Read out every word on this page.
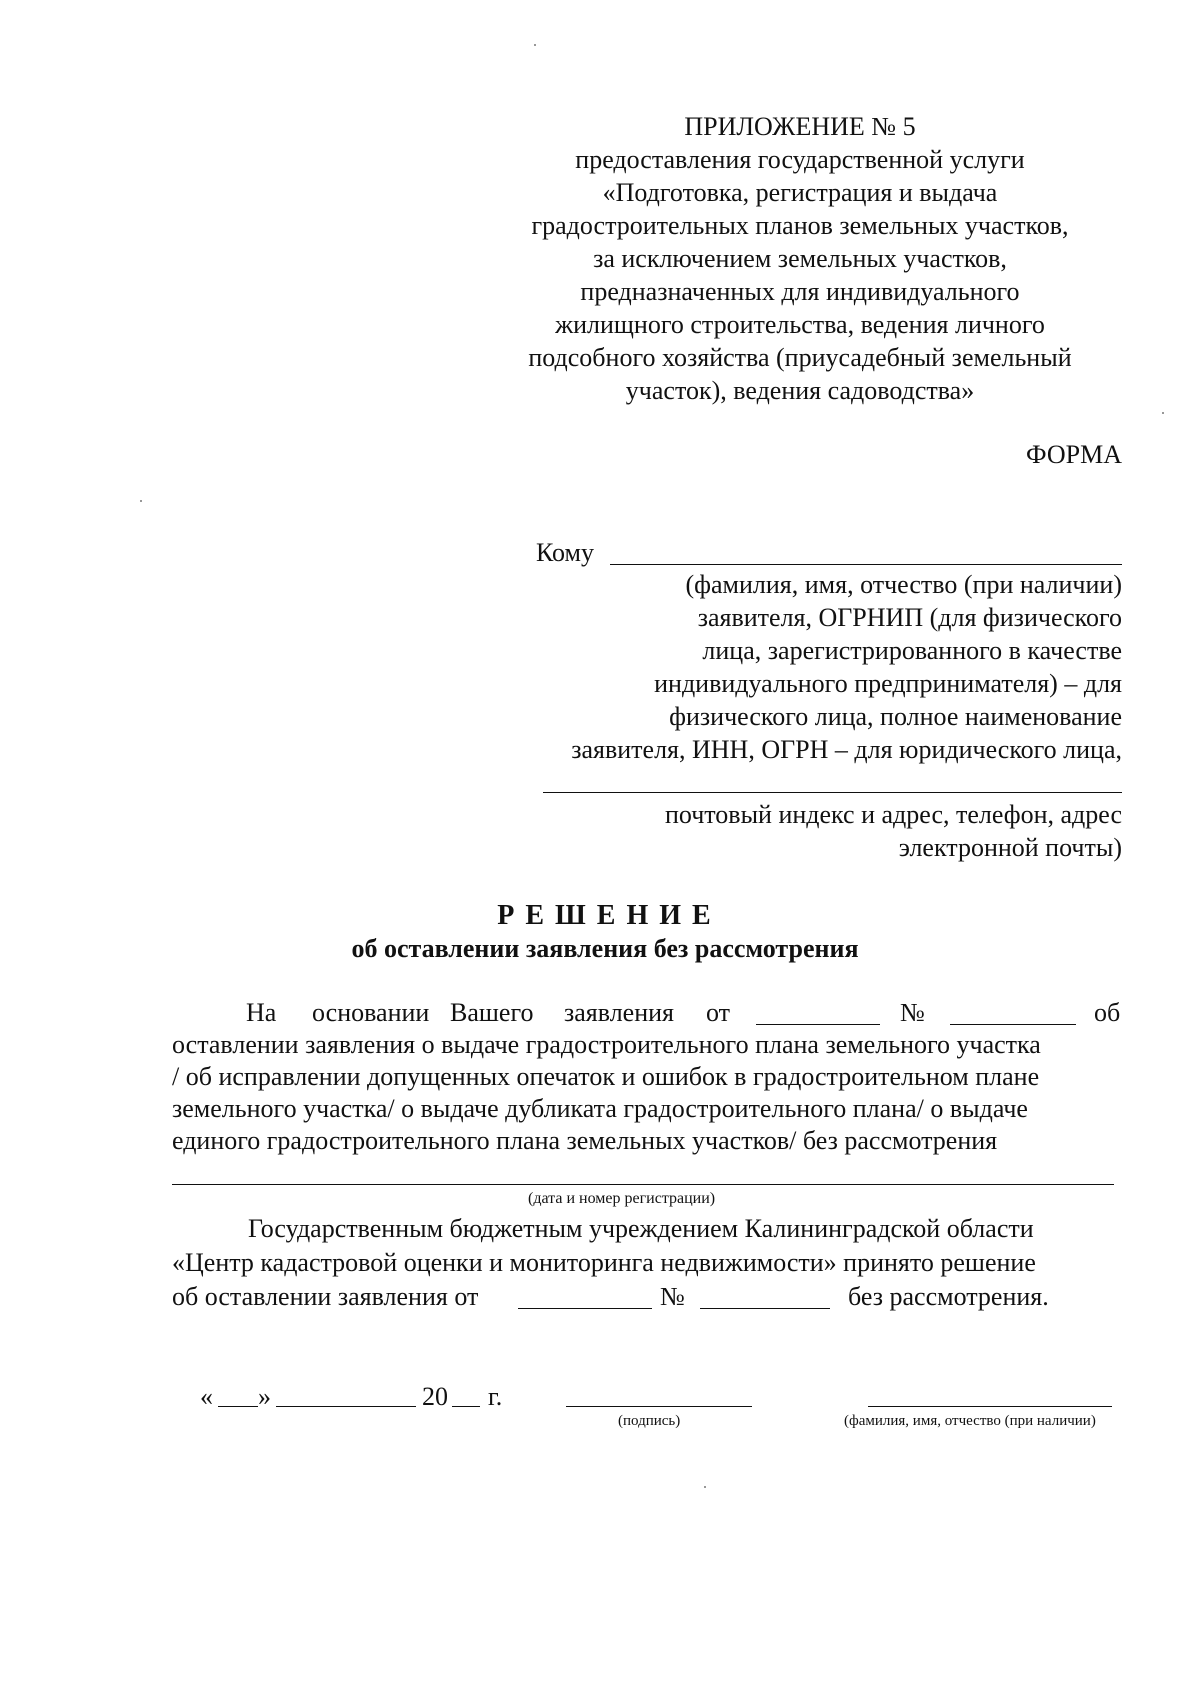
ПРИЛОЖЕНИЕ № 5
предоставления государственной услуги
«Подготовка, регистрация и выдача
градостроительных планов земельных участков,
за исключением земельных участков,
предназначенных для индивидуального
жилищного строительства, ведения личного
подсобного хозяйства (приусадебный земельный
участок), ведения садоводства»
ФОРМА
Кому
(фамилия, имя, отчество (при наличии)
заявителя, ОГРНИП (для физического
лица, зарегистрированного в качестве
индивидуального предпринимателя) – для
физического лица, полное наименование
заявителя, ИНН, ОГРН – для юридического лица,
почтовый индекс и адрес, телефон, адрес
электронной почты)
Р Е Ш Е Н И Е
об оставлении заявления без рассмотрения
На основании Вашего заявления от	№	об
оставлении заявления о выдаче градостроительного плана земельного участка
/ об исправлении допущенных опечаток и ошибок в градостроительном плане
земельного участка/ о выдаче дубликата градостроительного плана/ о выдаче
единого градостроительного плана земельных участков/ без рассмотрения
(дата и номер регистрации)
Государственным бюджетным учреждением Калининградской области
«Центр кадастровой оценки и мониторинга недвижимости» принято решение
об оставлении заявления от	№	без рассмотрения.
« »	20 г.
(подпись)	(фамилия, имя, отчество (при наличии)
